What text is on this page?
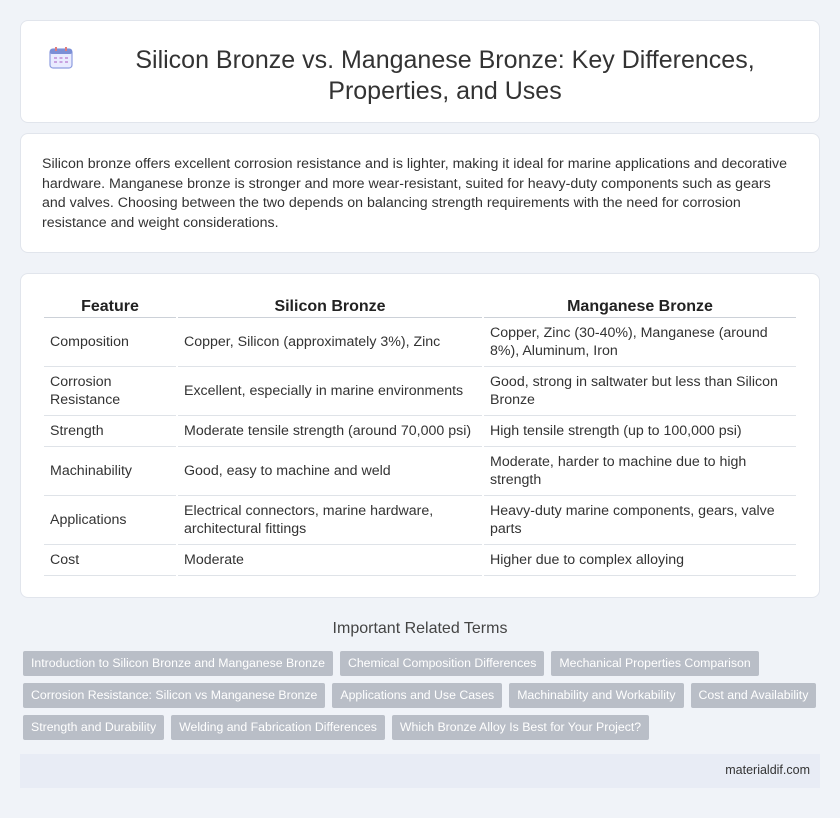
Silicon Bronze vs. Manganese Bronze: Key Differences, Properties, and Uses

Silicon bronze offers excellent corrosion resistance and is lighter, making it ideal for marine applications and decorative hardware. Manganese bronze is stronger and more wear-resistant, suited for heavy-duty components such as gears and valves. Choosing between the two depends on balancing strength requirements with the need for corrosion resistance and weight considerations.

Feature	Silicon Bronze	Manganese Bronze
Composition	Copper, Silicon (approximately 3%), Zinc	Copper, Zinc (30-40%), Manganese (around 8%), Aluminum, Iron
Corrosion Resistance	Excellent, especially in marine environments	Good, strong in saltwater but less than Silicon Bronze
Strength	Moderate tensile strength (around 70,000 psi)	High tensile strength (up to 100,000 psi)
Machinability	Good, easy to machine and weld	Moderate, harder to machine due to high strength
Applications	Electrical connectors, marine hardware, architectural fittings	Heavy-duty marine components, gears, valve parts
Cost	Moderate	Higher due to complex alloying
Important Related Terms
Introduction to Silicon Bronze and Manganese Bronze	Chemical Composition Differences	Mechanical Properties Comparison
Corrosion Resistance: Silicon vs Manganese Bronze	Applications and Use Cases	Machinability and Workability	Cost and Availability
Strength and Durability	Welding and Fabrication Differences	Which Bronze Alloy Is Best for Your Project?
materialdif.com
